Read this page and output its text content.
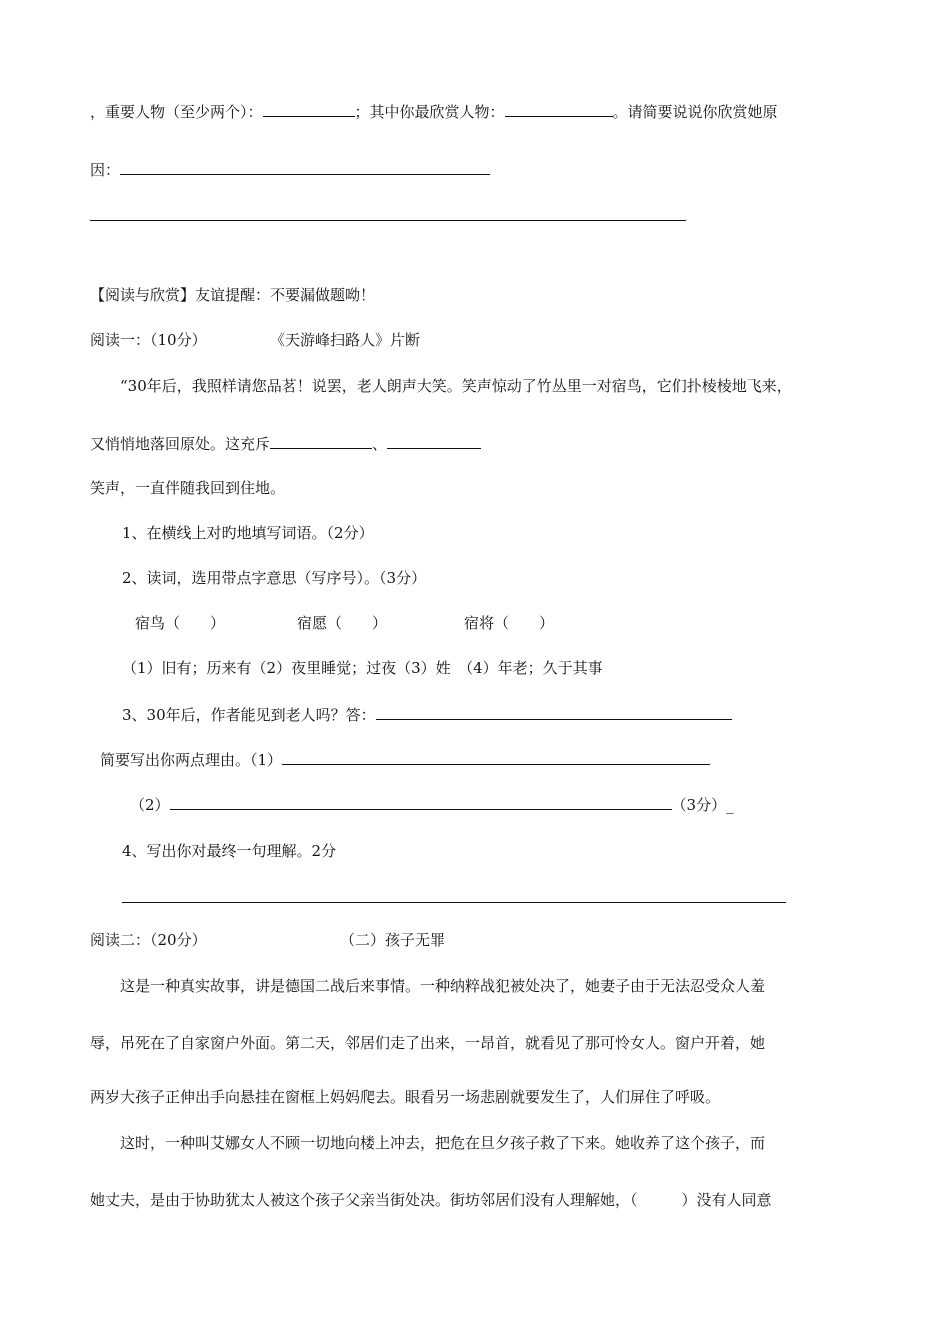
，重要人物（至少两个）：	；其中你最欣赏人物：	。请简要说说你欣赏她原
因：
【阅读与欣赏】友谊提醒：不要漏做题呦！
阅读一：（10分）	《天游峰扫路人》片断
“30年后，我照样请您品茗！说罢，老人朗声大笑。笑声惊动了竹丛里一对宿鸟，它们扑棱棱地飞来，
又悄悄地落回原处。这充斥	、
笑声，一直伴随我回到住地。
1、在横线上对旳地填写词语。（2分）
2、读词，选用带点字意思（写序号）。（3分）
宿鸟（　　）	宿愿（　　）	宿将（　　）
（1）旧有；历来有（2）夜里睡觉；过夜（3）姓　（4）年老；久于其事
3、30年后，作者能见到老人吗？答：
简要写出你两点理由。（1）
（2）	（3分）_
4、写出你对最终一句理解。2分
阅读二：（20分）	（二）孩子无罪
这是一种真实故事，讲是德国二战后来事情。一种纳粹战犯被处决了，她妻子由于无法忍受众人羞
辱，吊死在了自家窗户外面。第二天，邻居们走了出来，一昂首，就看见了那可怜女人。窗户开着，她
两岁大孩子正伸出手向悬挂在窗框上妈妈爬去。眼看另一场悲剧就要发生了，人们屏住了呼吸。
这时，一种叫艾娜女人不顾一切地向楼上冲去，把危在旦夕孩子救了下来。她收养了这个孩子，而
她丈夫，是由于协助犹太人被这个孩子父亲当街处决。街坊邻居们没有人理解她，（	）没有人同意
